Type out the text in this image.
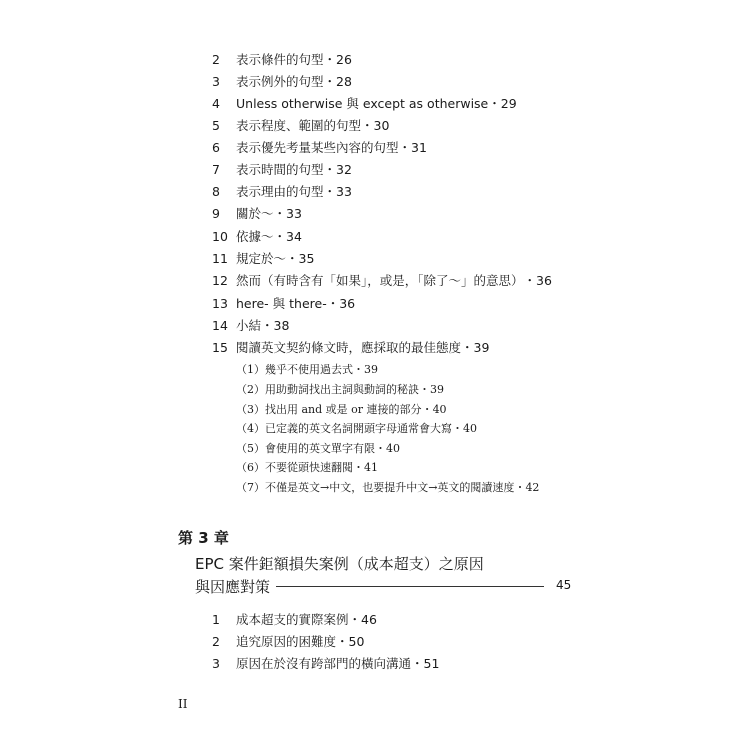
2	表示條件的句型 ・ 26
3	表示例外的句型 ・ 28
4	Unless otherwise 與 except as otherwise ・ 29
5	表示程度、範圍的句型 ・ 30
6	表示優先考量某些內容的句型 ・ 31
7	表示時間的句型 ・ 32
8	表示理由的句型 ・ 33
9	關於～ ・ 33
10 依據～ ・ 34
11 規定於～ ・ 35
12 然而（有時含有「如果」，或是，「除了～」的意思） ・ 36
13 here- 與 there- ・ 36
14 小結 ・ 38
15 閱讀英文契約條文時，應採取的最佳態度 ・ 39
（1）幾乎不使用過去式・39
（2）用助動詞找出主詞與動詞的秘訣・39
（3）找出用 and 或是 or 連接的部分・40
（4）已定義的英文名詞開頭字母通常會大寫・40
（5）會使用的英文單字有限・40
（6）不要從頭快速翻閱・41
（7）不僅是英文→中文，也要提升中文→英文的閱讀速度・42
第 3 章
EPC 案件鉅額損失案例（成本超支）之原因
與因應對策	45
1	成本超支的實際案例 ・ 46
2	追究原因的困難度 ・ 50
3	原因在於沒有跨部門的橫向溝通 ・ 51
II
